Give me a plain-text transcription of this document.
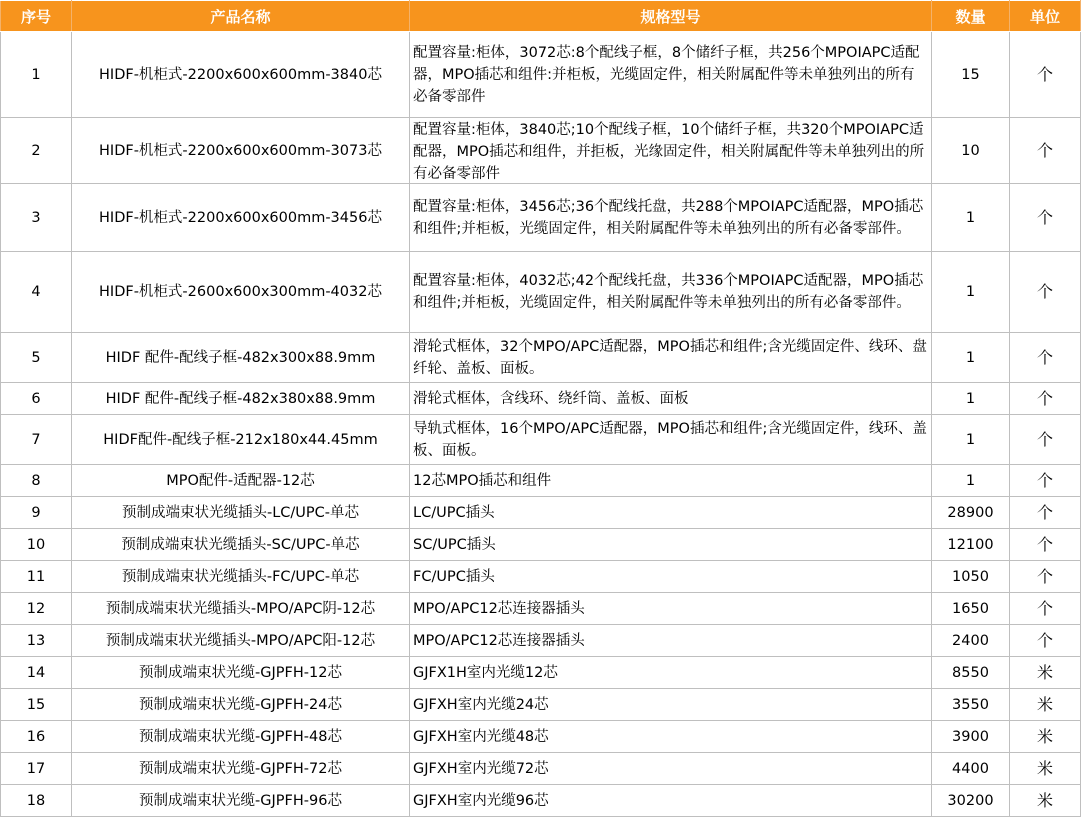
序号	产品名称	规格型号	数量	单位
1	HIDF-机柜式-2200x600x600mm-3840芯	配置容量:柜体，3072芯:8个配线子框，8个储纤子框，共256个MPOIAPC适配器，MPO插芯和组件:并柜板，光缆固定件，相关附属配件等未单独列出的所有必备零部件	15	个
2	HIDF-机柜式-2200x600x600mm-3073芯	配置容量:柜体，3840芯;10个配线子框，10个储纤子框，共320个MPOIAPC适配器，MPO插芯和组件，并拒板，光缘固定件，相关附属配件等未单独列出的所有必备零部件	10	个
3	HIDF-机柜式-2200x600x600mm-3456芯	配置容量:柜体，3456芯;36个配线托盘，共288个MPOIAPC适配器，MPO插芯和组件;并柜板，光缆固定件，相关附属配件等未单独列出的所有必备零部件。	1	个
4	HIDF-机柜式-2600x600x300mm-4032芯	配置容量:柜体，4032芯;42个配线托盘，共336个MPOIAPC适配器，MPO插芯和组件;并柜板，光缆固定件，相关附属配件等未单独列出的所有必备零部件。	1	个
5	HIDF 配件-配线子框-482x300x88.9mm	滑轮式框体，32个MPO/APC适配器，MPO插芯和组件;含光缆固定件、线环、盘纤轮、盖板、面板。	1	个
6	HIDF 配件-配线子框-482x380x88.9mm	滑轮式框体，含线环、绕纤筒、盖板、面板	1	个
7	HIDF配件-配线子框-212x180x44.45mm	导轨式框体，16个MPO/APC适配器，MPO插芯和组件;含光缆固定件，线环、盖板、面板。	1	个
8	MPO配件-适配器-12芯	12芯MPO插芯和组件	1	个
9	预制成端束状光缆插头-LC/UPC-单芯	LC/UPC插头	28900	个
10	预制成端束状光缆插头-SC/UPC-单芯	SC/UPC插头	12100	个
11	预制成端束状光缆插头-FC/UPC-单芯	FC/UPC插头	1050	个
12	预制成端束状光缆插头-MPO/APC阴-12芯	MPO/APC12芯连接器插头	1650	个
13	预制成端束状光缆插头-MPO/APC阳-12芯	MPO/APC12芯连接器插头	2400	个
14	预制成端束状光缆-GJPFH-12芯	GJFX1H室内光缆12芯	8550	米
15	预制成端束状光缆-GJPFH-24芯	GJFXH室内光缆24芯	3550	米
16	预制成端束状光缆-GJPFH-48芯	GJFXH室内光缆48芯	3900	米
17	预制成端束状光缆-GJPFH-72芯	GJFXH室内光缆72芯	4400	米
18	预制成端束状光缆-GJPFH-96芯	GJFXH室内光缆96芯	30200	米
